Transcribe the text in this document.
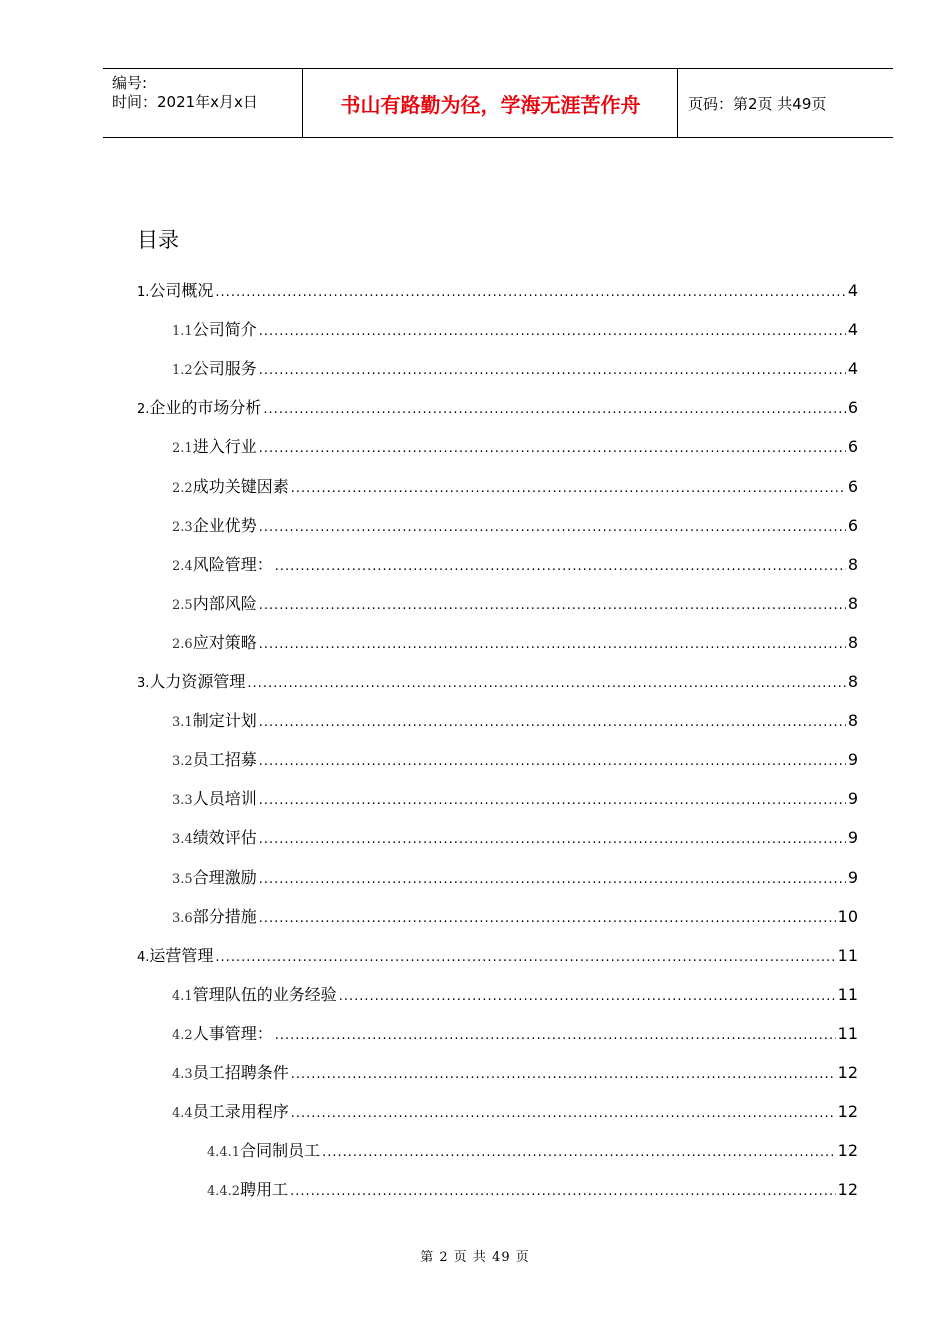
编号:
时间：2021年x月x日	书山有路勤为径，学海无涯苦作舟	页码：第2页 共49页
目录
1. 公司概况 .....	4
1.1 公司简介 .....	4
1.2 公司服务 .....	4
2. 企业的市场分析 .....	6
2.1 进入行业 .....	6
2.2 成功关键因素 .....	6
2.3 企业优势 .....	6
2.4 风险管理： .....	8
2.5 内部风险 .....	8
2.6 应对策略 .....	8
3. 人力资源管理 .....	8
3.1 制定计划 .....	8
3.2 员工招募 .....	9
3.3 人员培训 .....	9
3.4 绩效评估 .....	9
3.5 合理激励 .....	9
3.6 部分措施 .....	10
4. 运营管理 .....	11
4.1 管理队伍的业务经验 .....	11
4.2 人事管理： .....	11
4.3 员工招聘条件 .....	12
4.4 员工录用程序 .....	12
4.4.1 合同制员工 .....	12
4.4.2 聘用工 .....	12
第 2 页 共 49 页
